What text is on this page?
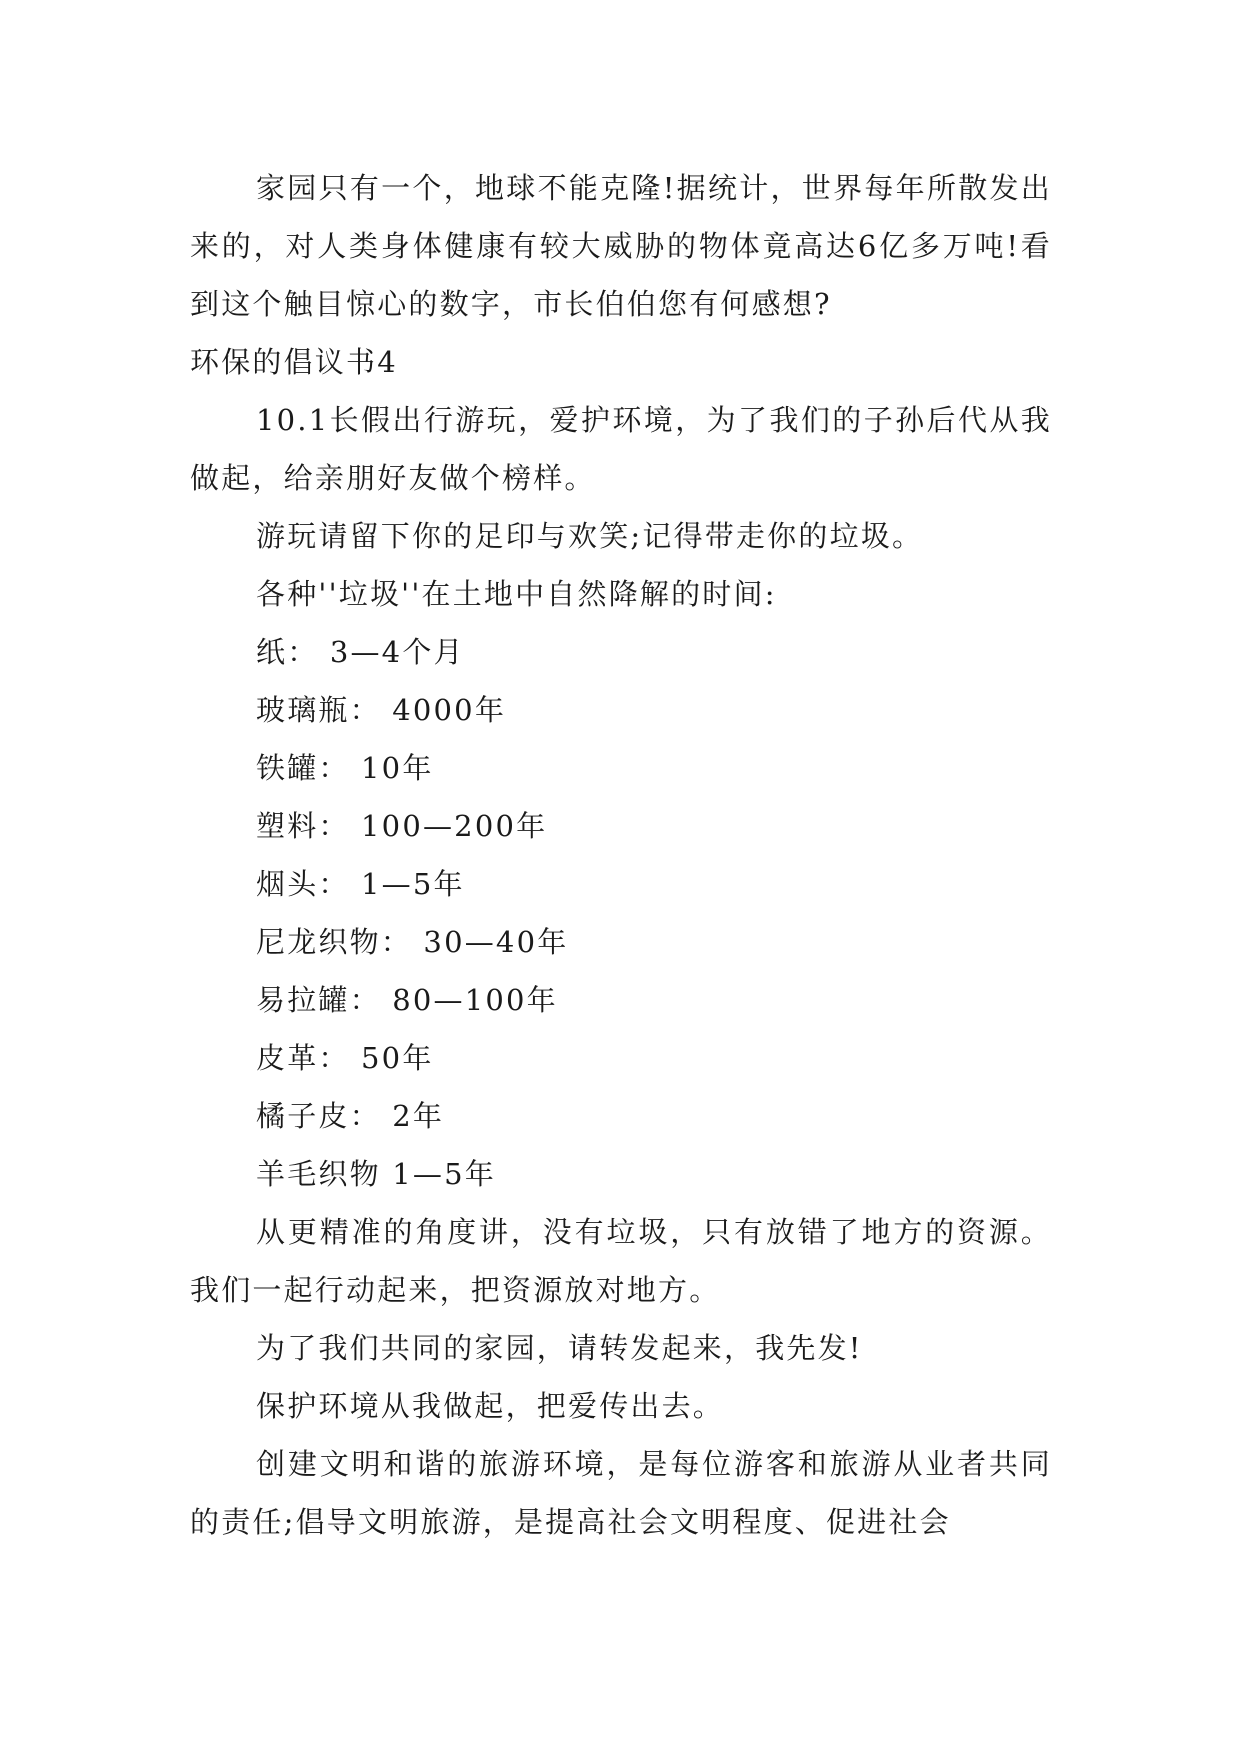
家园只有一个，地球不能克隆!据统计，世界每年所散发出来的，对人类身体健康有较大威胁的物体竟高达6亿多万吨!看到这个触目惊心的数字，市长伯伯您有何感想?

环保的倡议书4

10.1长假出行游玩，爱护环境，为了我们的子孙后代从我做起，给亲朋好友做个榜样。

游玩请留下你的足印与欢笑;记得带走你的垃圾。

各种''垃圾''在土地中自然降解的时间:

纸： 3—4个月

玻璃瓶： 4000年

铁罐： 10年

塑料： 100—200年

烟头： 1—5年

尼龙织物： 30—40年

易拉罐： 80—100年

皮革： 50年

橘子皮： 2年

羊毛织物 1—5年

从更精准的角度讲，没有垃圾，只有放错了地方的资源。我们一起行动起来，把资源放对地方。

为了我们共同的家园，请转发起来，我先发!

保护环境从我做起，把爱传出去。

创建文明和谐的旅游环境，是每位游客和旅游从业者共同的责任;倡导文明旅游，是提高社会文明程度、促进社会
